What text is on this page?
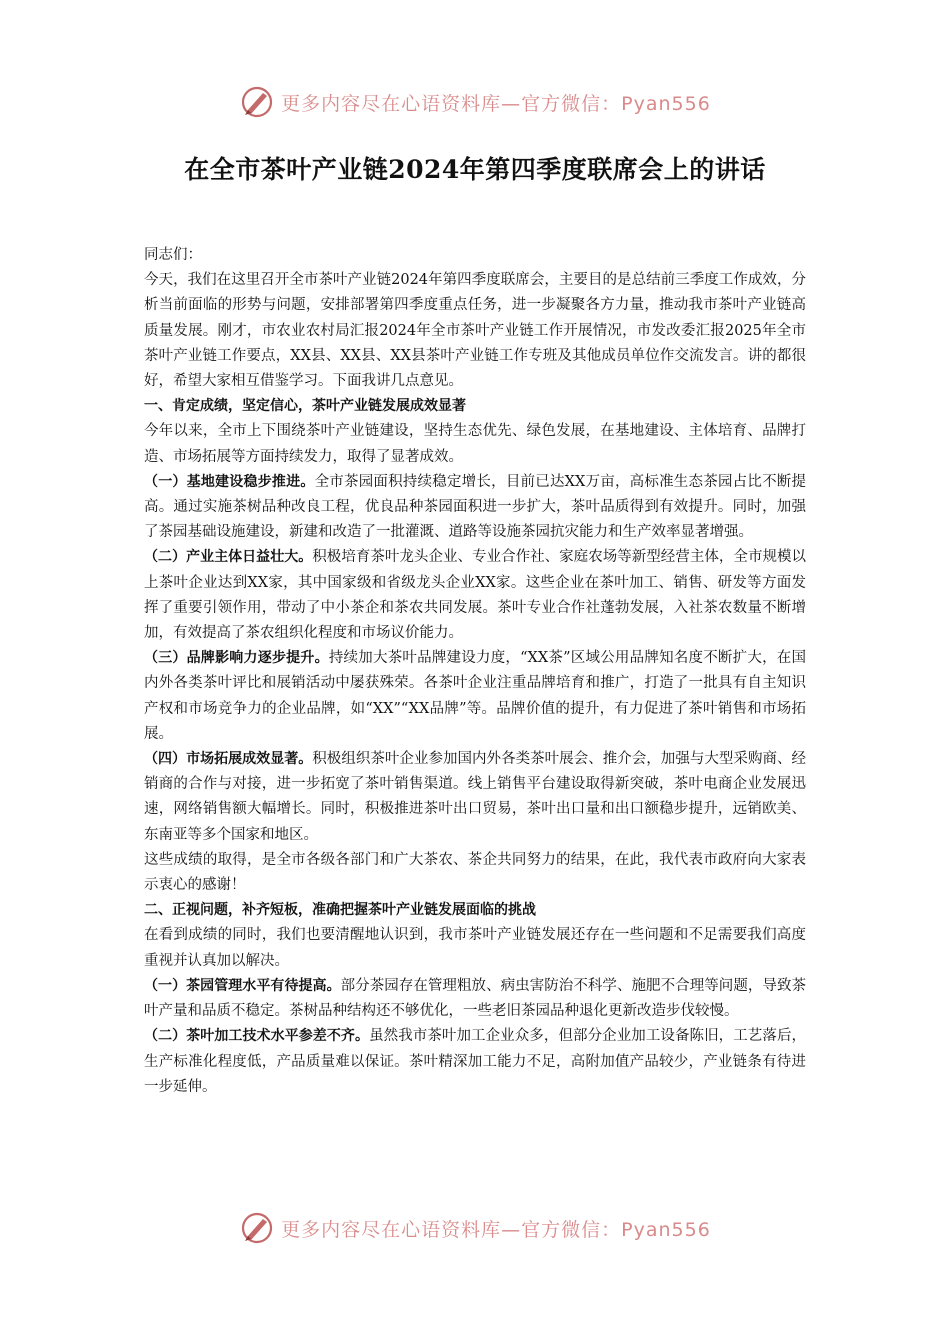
更多内容尽在心语资料库—官方微信：Pyan556
在全市茶叶产业链2024年第四季度联席会上的讲话

同志们：

今天，我们在这里召开全市茶叶产业链2024年第四季度联席会，主要目的是总结前三季度工作成效，分析当前面临的形势与问题，安排部署第四季度重点任务，进一步凝聚各方力量，推动我市茶叶产业链高质量发展。刚才，市农业农村局汇报2024年全市茶叶产业链工作开展情况，市发改委汇报2025年全市茶叶产业链工作要点，XX县、XX县、XX县茶叶产业链工作专班及其他成员单位作交流发言。讲的都很好，希望大家相互借鉴学习。下面我讲几点意见。

一、肯定成绩，坚定信心，茶叶产业链发展成效显著

今年以来，全市上下围绕茶叶产业链建设，坚持生态优先、绿色发展，在基地建设、主体培育、品牌打造、市场拓展等方面持续发力，取得了显著成效。

（一）基地建设稳步推进。全市茶园面积持续稳定增长，目前已达XX万亩，高标准生态茶园占比不断提高。通过实施茶树品种改良工程，优良品种茶园面积进一步扩大，茶叶品质得到有效提升。同时，加强了茶园基础设施建设，新建和改造了一批灌溉、道路等设施茶园抗灾能力和生产效率显著增强。

（二）产业主体日益壮大。积极培育茶叶龙头企业、专业合作社、家庭农场等新型经营主体，全市规模以上茶叶企业达到XX家，其中国家级和省级龙头企业XX家。这些企业在茶叶加工、销售、研发等方面发挥了重要引领作用，带动了中小茶企和茶农共同发展。茶叶专业合作社蓬勃发展，入社茶农数量不断增加，有效提高了茶农组织化程度和市场议价能力。

（三）品牌影响力逐步提升。持续加大茶叶品牌建设力度，“XX茶”区域公用品牌知名度不断扩大，在国内外各类茶叶评比和展销活动中屡获殊荣。各茶叶企业注重品牌培育和推广，打造了一批具有自主知识产权和市场竞争力的企业品牌，如“XX”“XX品牌”等。品牌价值的提升，有力促进了茶叶销售和市场拓展。

（四）市场拓展成效显著。积极组织茶叶企业参加国内外各类茶叶展会、推介会，加强与大型采购商、经销商的合作与对接，进一步拓宽了茶叶销售渠道。线上销售平台建设取得新突破，茶叶电商企业发展迅速，网络销售额大幅增长。同时，积极推进茶叶出口贸易，茶叶出口量和出口额稳步提升，远销欧美、东南亚等多个国家和地区。

这些成绩的取得，是全市各级各部门和广大茶农、茶企共同努力的结果，在此，我代表市政府向大家表示衷心的感谢！

二、正视问题，补齐短板，准确把握茶叶产业链发展面临的挑战

在看到成绩的同时，我们也要清醒地认识到，我市茶叶产业链发展还存在一些问题和不足需要我们高度重视并认真加以解决。

（一）茶园管理水平有待提高。部分茶园存在管理粗放、病虫害防治不科学、施肥不合理等问题，导致茶叶产量和品质不稳定。茶树品种结构还不够优化，一些老旧茶园品种退化更新改造步伐较慢。

（二）茶叶加工技术水平参差不齐。虽然我市茶叶加工企业众多，但部分企业加工设备陈旧，工艺落后，生产标准化程度低，产品质量难以保证。茶叶精深加工能力不足，高附加值产品较少，产业链条有待进一步延伸。

更多内容尽在心语资料库—官方微信：Pyan556
